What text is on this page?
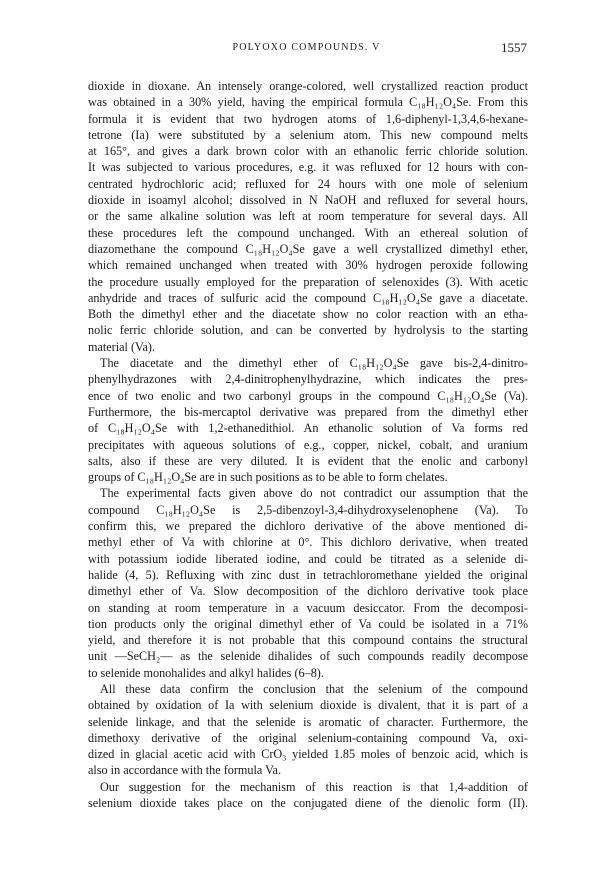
POLYOXO COMPOUNDS. V	1557
dioxide in dioxane. An intensely orange-colored, well crystallized reaction product
was obtained in a 30% yield, having the empirical formula C₁₈H₁₂O₄Se. From this
formula it is evident that two hydrogen atoms of 1,6-diphenyl-1,3,4,6-hexane-
tetrone (Ia) were substituted by a selenium atom. This new compound melts
at 165°, and gives a dark brown color with an ethanolic ferric chloride solution.
It was subjected to various procedures, e.g. it was refluxed for 12 hours with con-
centrated hydrochloric acid; refluxed for 24 hours with one mole of selenium
dioxide in isoamyl alcohol; dissolved in N NaOH and refluxed for several hours,
or the same alkaline solution was left at room temperature for several days. All
these procedures left the compound unchanged. With an ethereal solution of
diazomethane the compound C₁₈H₁₂O₄Se gave a well crystallized dimethyl ether,
which remained unchanged when treated with 30% hydrogen peroxide following
the procedure usually employed for the preparation of selenoxides (3). With acetic
anhydride and traces of sulfuric acid the compound C₁₈H₁₂O₄Se gave a diacetate.
Both the dimethyl ether and the diacetate show no color reaction with an etha-
nolic ferric chloride solution, and can be converted by hydrolysis to the starting
material (Va).
The diacetate and the dimethyl ether of C₁₈H₁₂O₄Se gave bis-2,4-dinitro-
phenylhydrazones with 2,4-dinitrophenylhydrazine, which indicates the pres-
ence of two enolic and two carbonyl groups in the compound C₁₈H₁₂O₄Se (Va).
Furthermore, the bis-mercaptol derivative was prepared from the dimethyl ether
of C₁₈H₁₂O₄Se with 1,2-ethanedithiol. An ethanolic solution of Va forms red
precipitates with aqueous solutions of e.g., copper, nickel, cobalt, and uranium
salts, also if these are very diluted. It is evident that the enolic and carbonyl
groups of C₁₈H₁₂O₄Se are in such positions as to be able to form chelates.
The experimental facts given above do not contradict our assumption that the
compound C₁₈H₁₂O₄Se is 2,5-dibenzoyl-3,4-dihydroxyselenophene (Va). To
confirm this, we prepared the dichloro derivative of the above mentioned di-
methyl ether of Va with chlorine at 0°. This dichloro derivative, when treated
with potassium iodide liberated iodine, and could be titrated as a selenide di-
halide (4, 5). Refluxing with zinc dust in tetrachloromethane yielded the original
dimethyl ether of Va. Slow decomposition of the dichloro derivative took place
on standing at room temperature in a vacuum desiccator. From the decomposi-
tion products only the original dimethyl ether of Va could be isolated in a 71%
yield, and therefore it is not probable that this compound contains the structural
unit —SeCH₂— as the selenide dihalides of such compounds readily decompose
to selenide monohalides and alkyl halides (6–8).
All these data confirm the conclusion that the selenium of the compound
obtained by oxidation of Ia with selenium dioxide is divalent, that it is part of a
selenide linkage, and that the selenide is aromatic of character. Furthermore, the
dimethoxy derivative of the original selenium-containing compound Va, oxi-
dized in glacial acetic acid with CrO₃ yielded 1.85 moles of benzoic acid, which is
also in accordance with the formula Va.
Our suggestion for the mechanism of this reaction is that 1,4-addition of
selenium dioxide takes place on the conjugated diene of the dienolic form (II).
